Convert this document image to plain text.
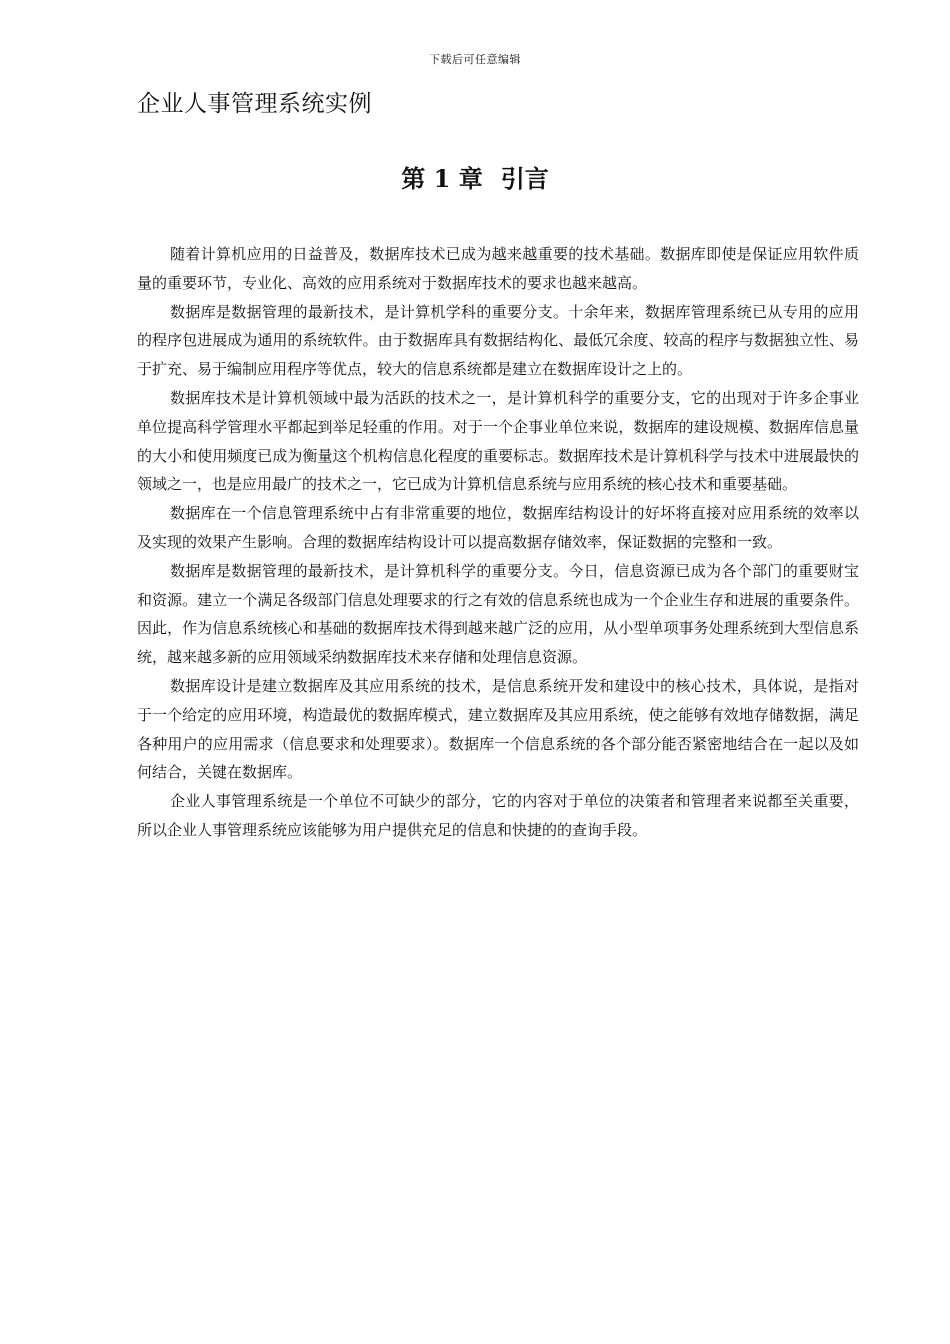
下载后可任意编辑
企业人事管理系统实例
第 1 章 引言

随着计算机应用的日益普及，数据库技术已成为越来越重要的技术基础。数据库即使是保证应用软件质量的重要环节，专业化、高效的应用系统对于数据库技术的要求也越来越高。

数据库是数据管理的最新技术，是计算机学科的重要分支。十余年来，数据库管理系统已从专用的应用的程序包进展成为通用的系统软件。由于数据库具有数据结构化、最低冗余度、较高的程序与数据独立性、易于扩充、易于编制应用程序等优点，较大的信息系统都是建立在数据库设计之上的。

数据库技术是计算机领域中最为活跃的技术之一，是计算机科学的重要分支，它的出现对于许多企事业单位提高科学管理水平都起到举足轻重的作用。对于一个企事业单位来说，数据库的建设规模、数据库信息量的大小和使用频度已成为衡量这个机构信息化程度的重要标志。数据库技术是计算机科学与技术中进展最快的领域之一，也是应用最广的技术之一，它已成为计算机信息系统与应用系统的核心技术和重要基础。

数据库在一个信息管理系统中占有非常重要的地位，数据库结构设计的好坏将直接对应用系统的效率以及实现的效果产生影响。合理的数据库结构设计可以提高数据存储效率，保证数据的完整和一致。

数据库是数据管理的最新技术，是计算机科学的重要分支。今日，信息资源已成为各个部门的重要财宝和资源。建立一个满足各级部门信息处理要求的行之有效的信息系统也成为一个企业生存和进展的重要条件。因此，作为信息系统核心和基础的数据库技术得到越来越广泛的应用，从小型单项事务处理系统到大型信息系统，越来越多新的应用领域采纳数据库技术来存储和处理信息资源。

数据库设计是建立数据库及其应用系统的技术，是信息系统开发和建设中的核心技术，具体说，是指对于一个给定的应用环境，构造最优的数据库模式，建立数据库及其应用系统，使之能够有效地存储数据，满足各种用户的应用需求（信息要求和处理要求）。数据库一个信息系统的各个部分能否紧密地结合在一起以及如何结合，关键在数据库。

企业人事管理系统是一个单位不可缺少的部分，它的内容对于单位的决策者和管理者来说都至关重要，所以企业人事管理系统应该能够为用户提供充足的信息和快捷的的查询手段。
